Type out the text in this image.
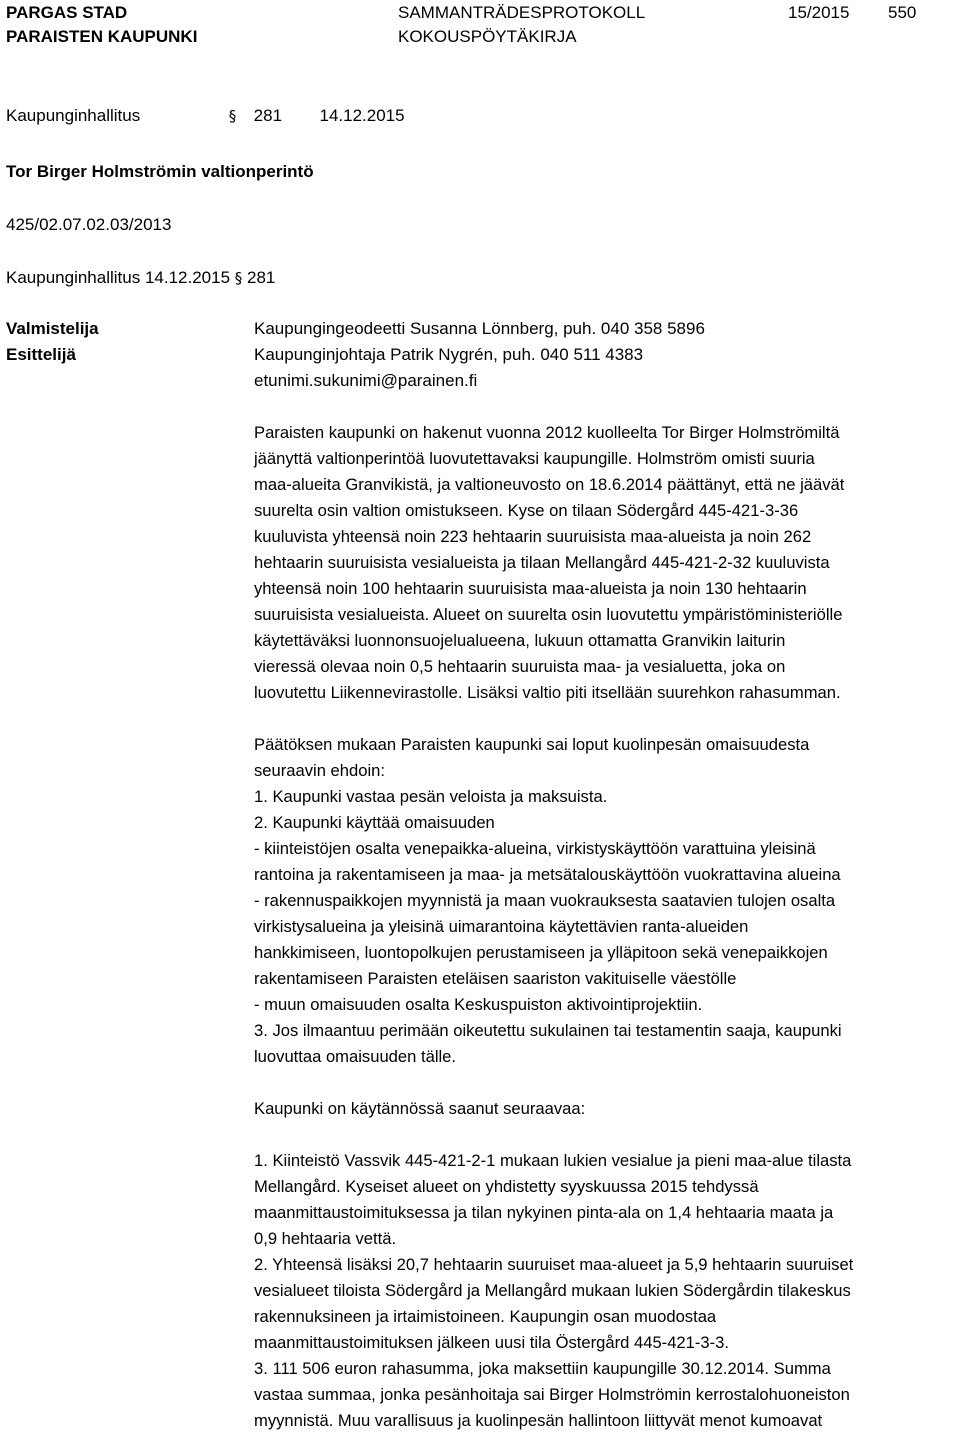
PARGAS STAD
PARAISTEN KAUPUNKI
SAMMANTRÄDESPROTOKOLL
KOKOUSPÖYTÄKIRJA
15/2015 550
Kaupunginhallitus	§ 281 14.12.2015
Tor Birger Holmströmin valtionperintö
425/02.07.02.03/2013
Kaupunginhallitus 14.12.2015 § 281
Valmistelija	Kaupungingeodeetti Susanna Lönnberg, puh. 040 358 5896
Esittelijä	Kaupunginjohtaja Patrik Nygrén, puh. 040 511 4383
etunimi.sukunimi@parainen.fi
Paraisten kaupunki on hakenut vuonna 2012 kuolleelta Tor Birger Holmströmiltä
jäänyttä valtionperintöä luovutettavaksi kaupungille. Holmström omisti suuria
maa-alueita Granvikistä, ja valtioneuvosto on 18.6.2014 päättänyt, että ne jäävät
suurelta osin valtion omistukseen. Kyse on tilaan Södergård 445-421-3-36
kuuluvista yhteensä noin 223 hehtaarin suuruisista maa-alueista ja noin 262
hehtaarin suuruisista vesialueista ja tilaan Mellangård 445-421-2-32 kuuluvista
yhteensä noin 100 hehtaarin suuruisista maa-alueista ja noin 130 hehtaarin
suuruisista vesialueista. Alueet on suurelta osin luovutettu ympäristöministeriölle
käytettäväksi luonnonsuojelualueena, lukuun ottamatta Granvikin laiturin
vieressä olevaa noin 0,5 hehtaarin suuruista maa- ja vesialuetta, joka on
luovutettu Liikennevirastolle. Lisäksi valtio piti itsellään suurehkon rahasumman.
Päätöksen mukaan Paraisten kaupunki sai loput kuolinpesän omaisuudesta
seuraavin ehdoin:
1. Kaupunki vastaa pesän veloista ja maksuista.
2. Kaupunki käyttää omaisuuden
- kiinteistöjen osalta venepaikka-alueina, virkistyskäyttöön varattuina yleisinä
rantoina ja rakentamiseen ja maa- ja metsätalouskäyttöön vuokrattavina alueina
- rakennuspaikkojen myynnistä ja maan vuokrauksesta saatavien tulojen osalta
virkistysalueina ja yleisinä uimarantoina käytettävien ranta-alueiden
hankkimiseen, luontopolkujen perustamiseen ja ylläpitoon sekä venepaikkojen
rakentamiseen Paraisten eteläisen saariston vakituiselle väestölle
- muun omaisuuden osalta Keskuspuiston aktivointiprojektiin.
3. Jos ilmaantuu perimään oikeutettu sukulainen tai testamentin saaja, kaupunki
luovuttaa omaisuuden tälle.
Kaupunki on käytännössä saanut seuraavaa:
1. Kiinteistö Vassvik 445-421-2-1 mukaan lukien vesialue ja pieni maa-alue tilasta
Mellangård. Kyseiset alueet on yhdistetty syyskuussa 2015 tehdyssä
maanmittaustoimituksessa ja tilan nykyinen pinta-ala on 1,4 hehtaaria maata ja
0,9 hehtaaria vettä.
2. Yhteensä lisäksi 20,7 hehtaarin suuruiset maa-alueet ja 5,9 hehtaarin suuruiset
vesialueet tiloista Södergård ja Mellangård mukaan lukien Södergårdin tilakeskus
rakennuksineen ja irtaimistoineen. Kaupungin osan muodostaa
maanmittaustoimituksen jälkeen uusi tila Östergård 445-421-3-3.
3. 111 506 euron rahasumma, joka maksettiin kaupungille 30.12.2014. Summa
vastaa summaa, jonka pesänhoitaja sai Birger Holmströmin kerrostalohuoneiston
myynnistä. Muu varallisuus ja kuolinpesän hallintoon liittyvät menot kumoavat
